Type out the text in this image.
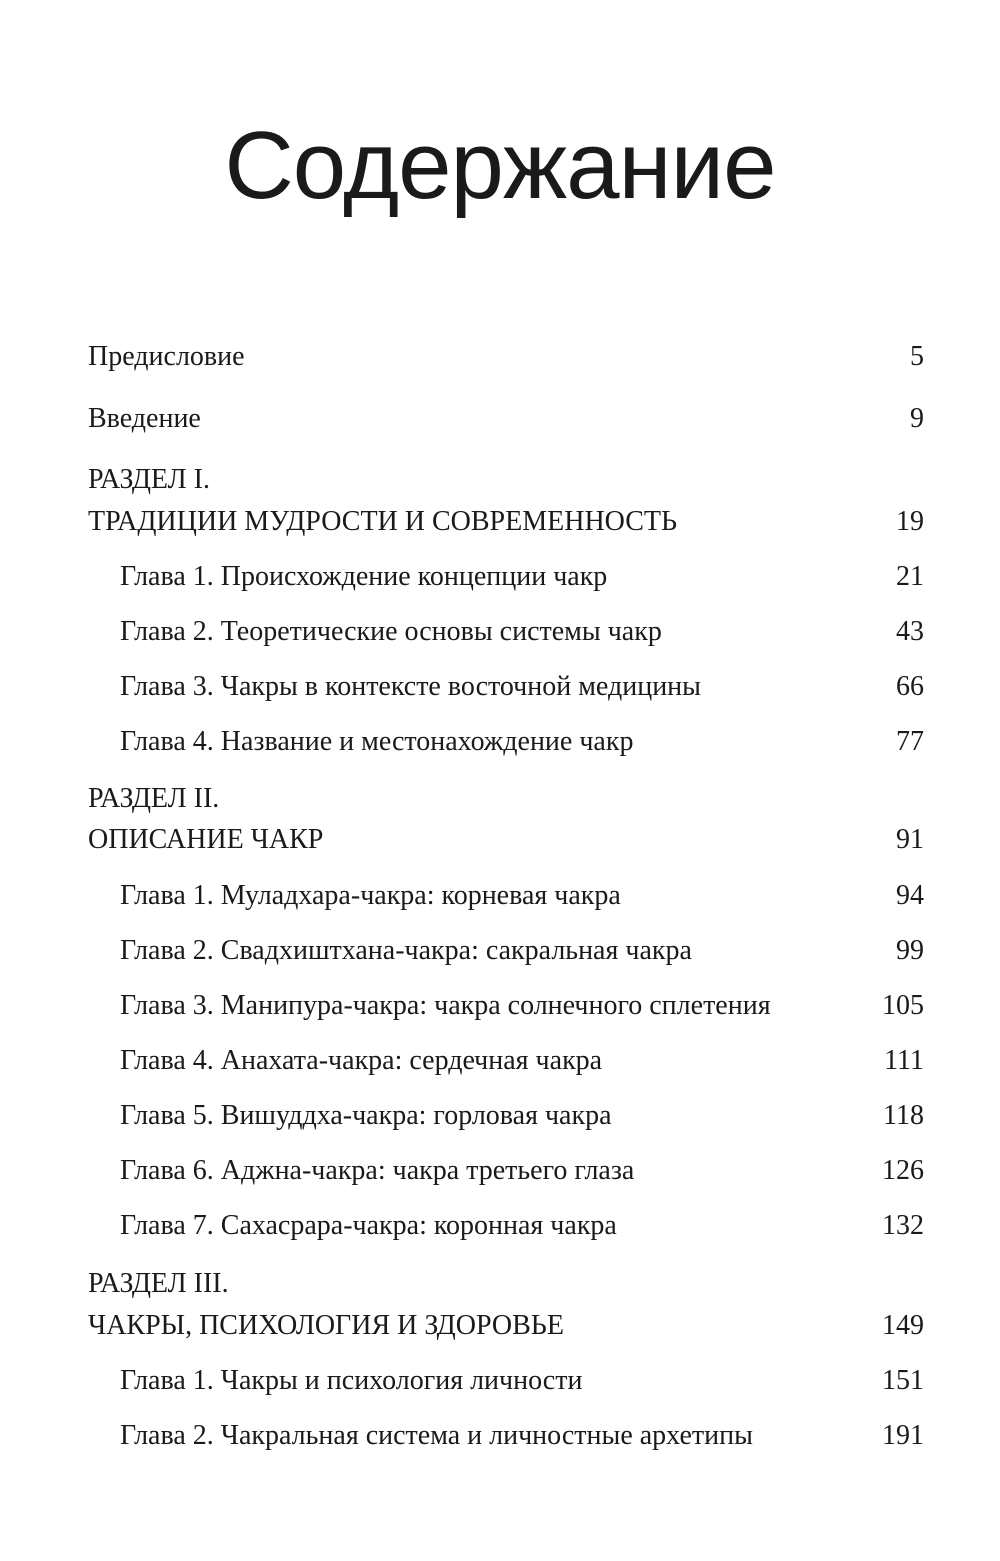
Содержание
Предисловие	5
Введение	9
РАЗДЕЛ I.
ТРАДИЦИИ МУДРОСТИ И СОВРЕМЕННОСТЬ	19
Глава 1. Происхождение концепции чакр	21
Глава 2. Теоретические основы системы чакр	43
Глава 3. Чакры в контексте восточной медицины	66
Глава 4. Название и местонахождение чакр	77
РАЗДЕЛ II.
ОПИСАНИЕ ЧАКР	91
Глава 1. Муладхара-чакра: корневая чакра	94
Глава 2. Свадхиштхана-чакра: сакральная чакра	99
Глава 3. Манипура-чакра: чакра солнечного сплетения	105
Глава 4. Анахата-чакра: сердечная чакра	111
Глава 5. Вишуддха-чакра: горловая чакра	118
Глава 6. Аджна-чакра: чакра третьего глаза	126
Глава 7. Сахасрара-чакра: коронная чакра	132
РАЗДЕЛ III.
ЧАКРЫ, ПСИХОЛОГИЯ И ЗДОРОВЬЕ	149
Глава 1. Чакры и психология личности	151
Глава 2. Чакральная система и личностные архетипы	191
